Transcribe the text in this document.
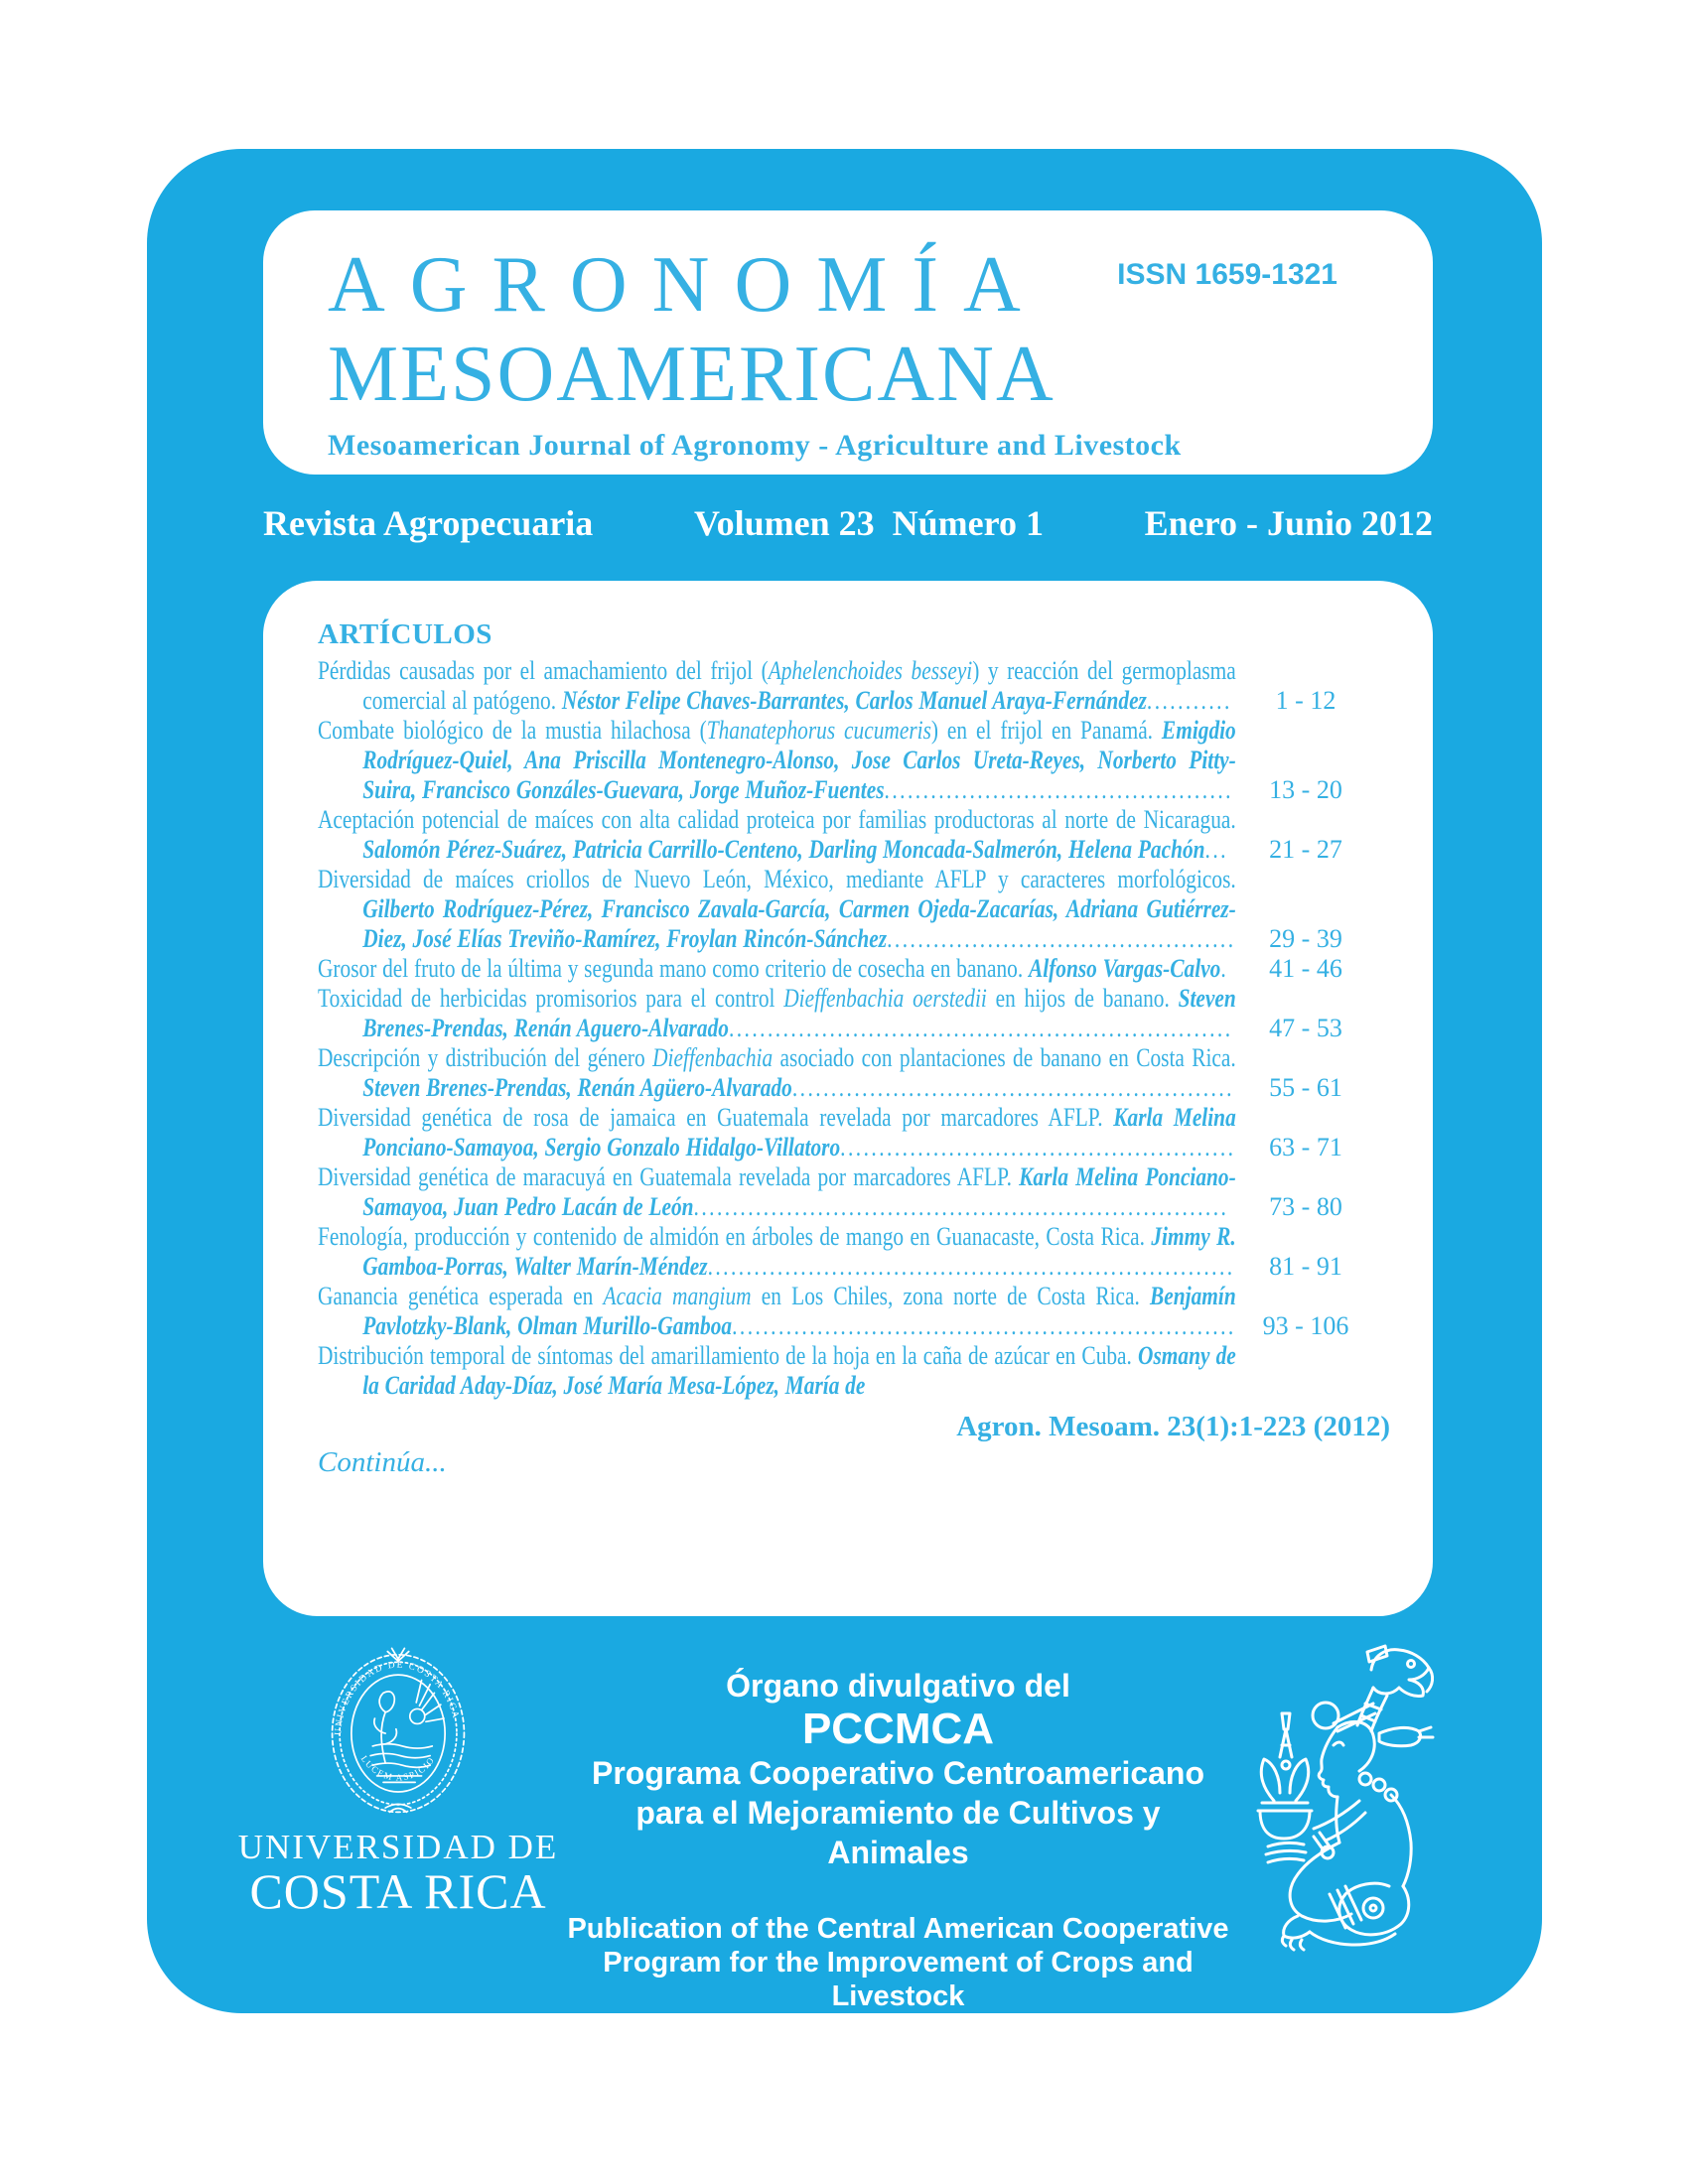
AGRONOMÍA
MESOAMERICANA
Mesoamerican Journal of Agronomy - Agriculture and Livestock
ISSN 1659-1321
Revista Agropecuaria	Volumen 23  Número 1	Enero - Junio 2012

ARTÍCULOS

Pérdidas causadas por el amachamiento del frijol (Aphelenchoides besseyi) y reacción del germoplasma comercial al patógeno. Néstor Felipe Chaves-Barrantes, Carlos Manuel Araya-Fernández...........	1 - 12

Combate biológico de la mustia hilachosa (Thanatephorus cucumeris) en el frijol en Panamá. Emigdio Rodríguez-Quiel, Ana Priscilla Montenegro-Alonso, Jose Carlos Ureta-Reyes, Norberto Pitty-Suira, Francisco Gonzáles-Guevara, Jorge Muñoz-Fuentes.............................................	13 - 20

Aceptación potencial de maíces con alta calidad proteica por familias productoras al norte de Nicaragua. Salomón Pérez-Suárez, Patricia Carrillo-Centeno, Darling Moncada-Salmerón, Helena Pachón...	21 - 27

Diversidad de maíces criollos de Nuevo León, México, mediante AFLP y caracteres morfológicos. Gilberto Rodríguez-Pérez, Francisco Zavala-García, Carmen Ojeda-Zacarías, Adriana Gutiérrez-Diez, José Elías Treviño-Ramírez, Froylan Rincón-Sánchez.............................................	29 - 39

Grosor del fruto de la última y segunda mano como criterio de cosecha en banano. Alfonso Vargas-Calvo.	41 - 46

Toxicidad de herbicidas promisorios para el control Dieffenbachia oerstedii en hijos de banano. Steven Brenes-Prendas, Renán Aguero-Alvarado.................................................................	47 - 53

Descripción y distribución del género Dieffenbachia asociado con plantaciones de banano en Costa Rica. Steven Brenes-Prendas, Renán Agüero-Alvarado.........................................................	55 - 61

Diversidad genética de rosa de jamaica en Guatemala revelada por marcadores AFLP. Karla Melina Ponciano-Samayoa, Sergio Gonzalo Hidalgo-Villatoro...................................................	63 - 71

Diversidad genética de maracuyá en Guatemala revelada por marcadores AFLP. Karla Melina Ponciano-Samayoa, Juan Pedro Lacán de León.....................................................................	73 - 80

Fenología, producción y contenido de almidón en árboles de mango en Guanacaste, Costa Rica. Jimmy R. Gamboa-Porras, Walter Marín-Méndez....................................................................	81 - 91

Ganancia genética esperada en Acacia mangium en Los Chiles, zona norte de Costa Rica. Benjamín Pavlotzky-Blank, Olman Murillo-Gamboa.................................................................	93 - 106

Distribución temporal de síntomas del amarillamiento de la hoja en la caña de azúcar en Cuba. Osmany de la Caridad Aday-Díaz, José María Mesa-López, María de

Agron. Mesoam. 23(1):1-223 (2012)
Continúa...
UNIVERSIDAD DE COSTA RICA
LUCEM ASPICIO
UNIVERSIDAD DE
COSTA RICA
Órgano divulgativo del
PCCMCA
Programa Cooperativo Centroamericano
para el Mejoramiento de Cultivos y Animales
Publication of the Central American Cooperative
Program for the Improvement of Crops and Livestock
(PCCMCA)
